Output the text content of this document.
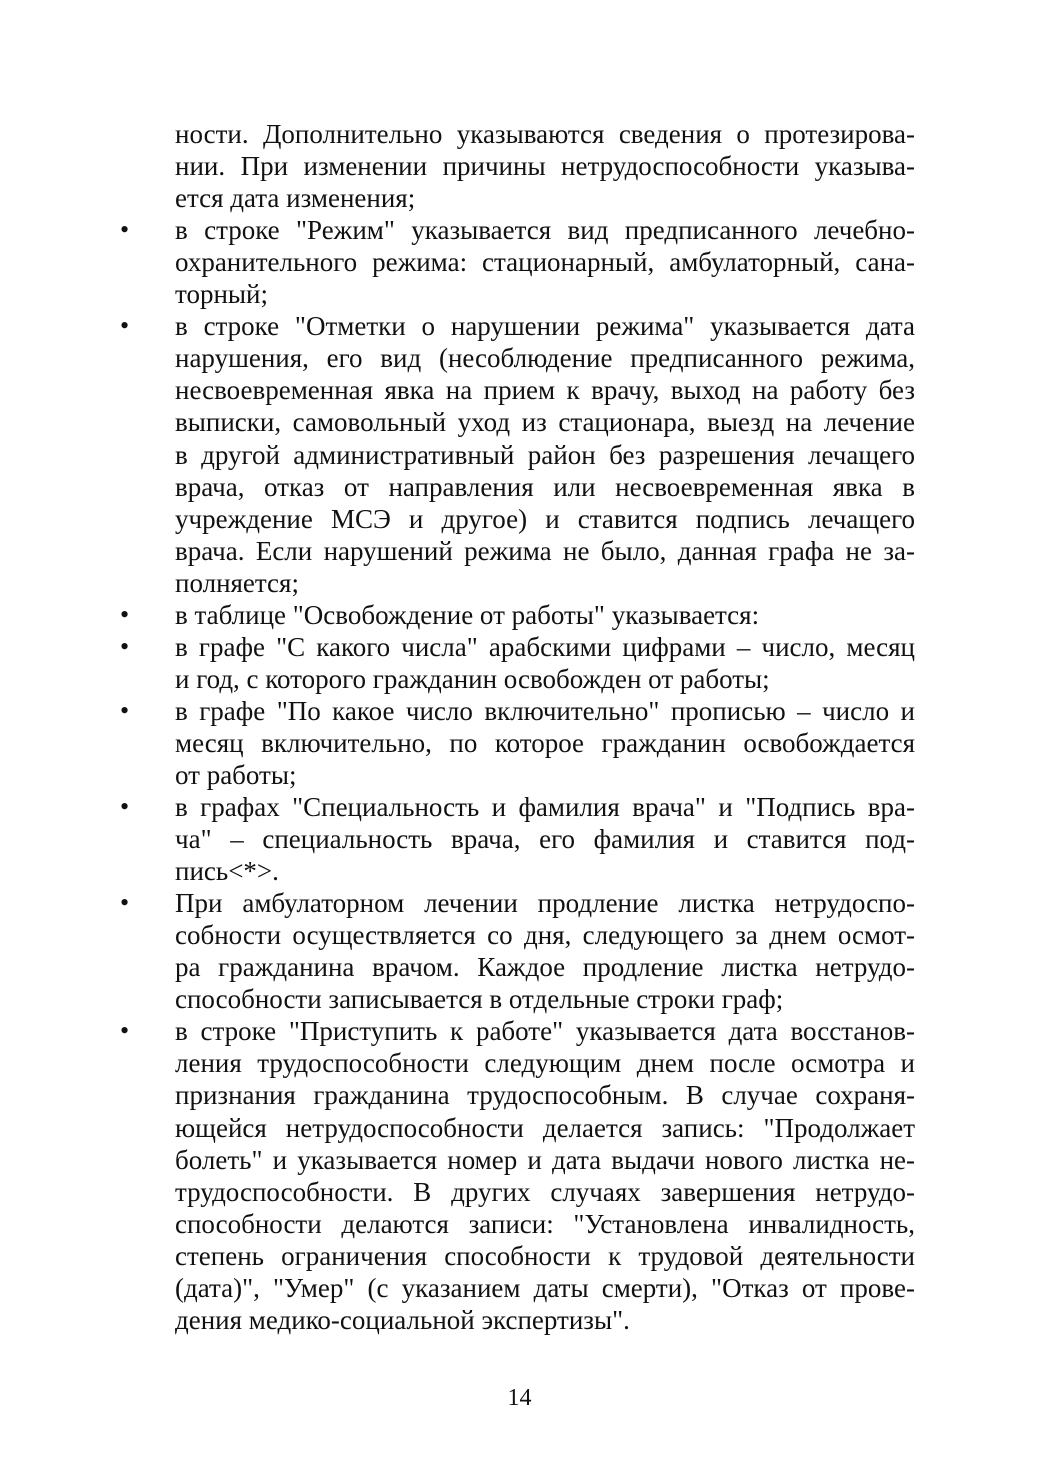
ности. Дополнительно указываются сведения о протезирова-
нии. При изменении причины нетрудоспособности указыва-
ется дата изменения;
• в строке "Режим" указывается вид предписанного лечебно-
охранительного режима: стационарный, амбулаторный, сана-
торный;
• в строке "Отметки о нарушении режима" указывается дата
нарушения, его вид (несоблюдение предписанного режима,
несвоевременная явка на прием к врачу, выход на работу без
выписки, самовольный уход из стационара, выезд на лечение
в другой административный район без разрешения лечащего
врача, отказ от направления или несвоевременная явка в
учреждение МСЭ и другое) и ставится подпись лечащего
врача. Если нарушений режима не было, данная графа не за-
полняется;
• в таблице "Освобождение от работы" указывается:
• в графе "С какого числа" арабскими цифрами – число, месяц
и год, с которого гражданин освобожден от работы;
• в графе "По какое число включительно" прописью – число и
месяц включительно, по которое гражданин освобождается
от работы;
• в графах "Специальность и фамилия врача" и "Подпись вра-
ча" – специальность врача, его фамилия и ставится под-
пись<*>.
• При амбулаторном лечении продление листка нетрудоспо-
собности осуществляется со дня, следующего за днем осмот-
ра гражданина врачом. Каждое продление листка нетрудо-
способности записывается в отдельные строки граф;
• в строке "Приступить к работе" указывается дата восстанов-
ления трудоспособности следующим днем после осмотра и
признания гражданина трудоспособным. В случае сохраня-
ющейся нетрудоспособности делается запись: "Продолжает
болеть" и указывается номер и дата выдачи нового листка не-
трудоспособности. В других случаях завершения нетрудо-
способности делаются записи: "Установлена инвалидность,
степень ограничения способности к трудовой деятельности
(дата)", "Умер" (с указанием даты смерти), "Отказ от прове-
дения медико-социальной экспертизы".
14
